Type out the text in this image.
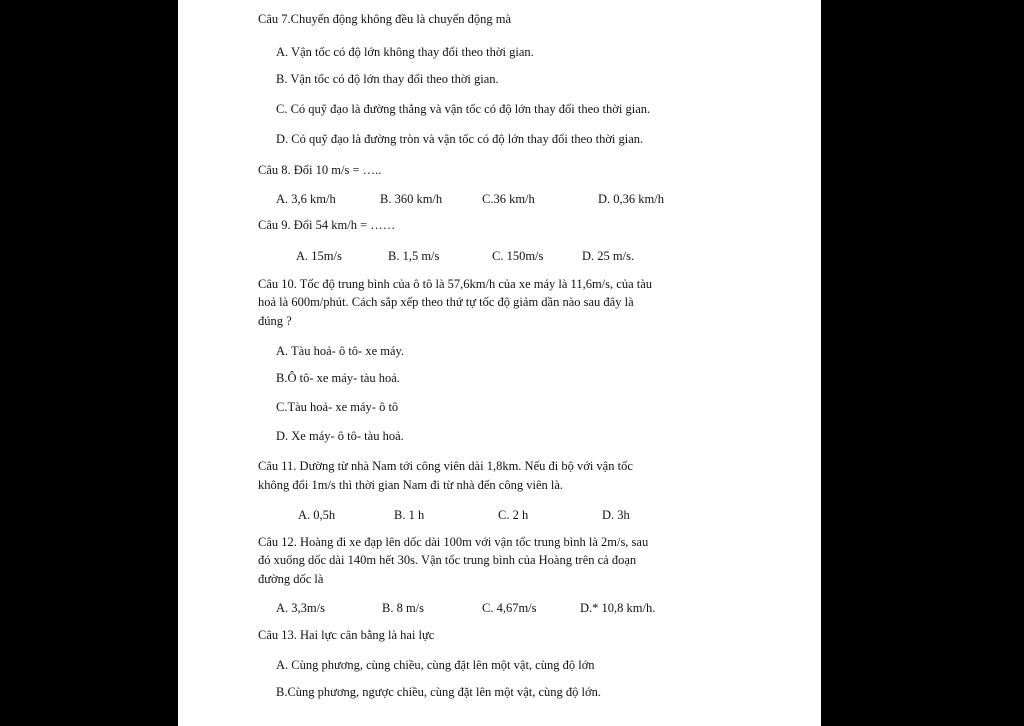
Câu 7.Chuyển động không đều là chuyển động mà
A. Vận tốc có độ lớn không thay đổi theo thời gian.
B. Vận tốc có độ lớn thay đổi theo thời gian.
C. Có quỹ đạo là đường thẳng và vận tốc có độ lớn thay đổi theo thời gian.
D. Có quỹ đạo là đường tròn và vận tốc có độ lớn thay đổi theo thời gian.
Câu 8. Đổi 10 m/s = …..
A. 3,6 km/h	B. 360 km/h	C.36 km/h	D. 0,36 km/h
Câu 9. Đổi 54 km/h = ……
A. 15m/s	B. 1,5 m/s	C. 150m/s	D. 25 m/s.
Câu 10. Tốc độ trung bình của ô tô là 57,6km/h của xe máy là 11,6m/s, của tàu
hoả là 600m/phút. Cách sắp xếp theo thứ tự tốc độ giảm dần nào sau đây là
đúng ?
A. Tàu hoả- ô tô- xe máy.
B.Ô tô- xe máy- tàu hoả.
C.Tàu hoả- xe máy- ô tô
D. Xe máy- ô tô- tàu hoả.
Câu 11. Dường từ nhà Nam tới công viên dài 1,8km. Nếu đi bộ với vận tốc
không đổi 1m/s thì thời gian Nam đi từ nhà đến công viên là.
A. 0,5h	B. 1 h	C. 2 h	D. 3h
Câu 12. Hoàng đi xe đạp lên dốc dài 100m với vận tốc trung bình là 2m/s, sau
đó xuống dốc dài 140m hết 30s. Vận tốc trung bình của Hoàng trên cả đoạn
đường dốc là
A. 3,3m/s	B. 8 m/s	C. 4,67m/s	D.* 10,8 km/h.
Câu 13. Hai lực cân bằng là hai lực
A. Cùng phương, cùng chiều, cùng đặt lên một vật, cùng độ lớn
B.Cùng phương, ngược chiều, cùng đặt lên một vật, cùng độ lớn.
